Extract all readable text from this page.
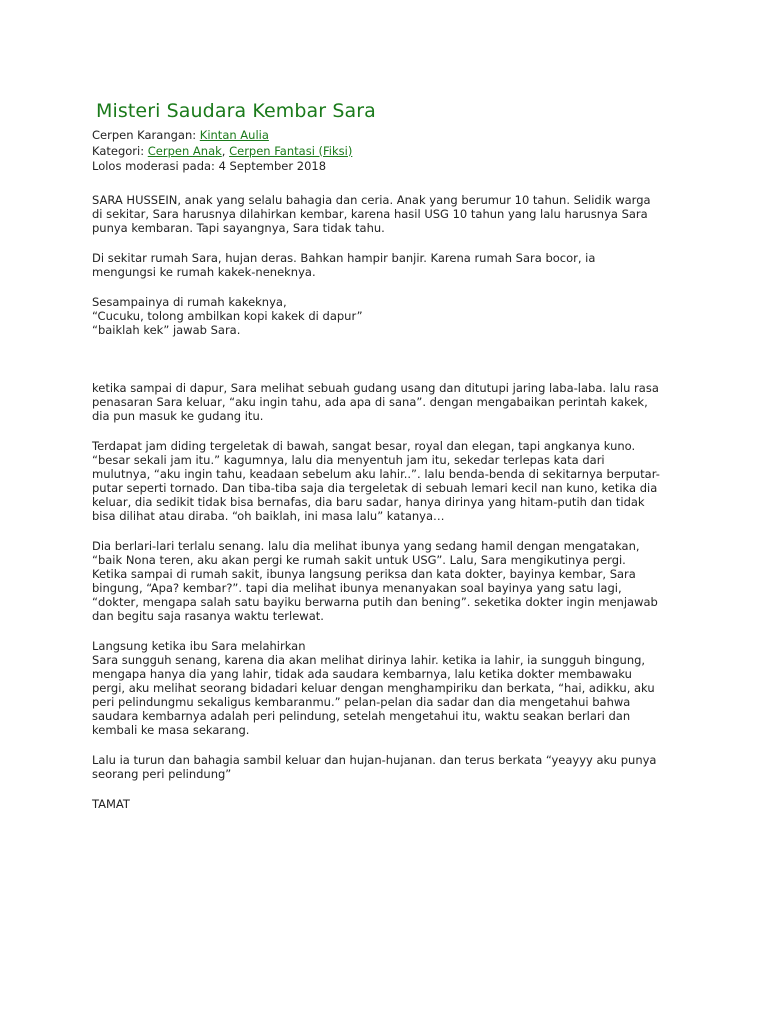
Misteri Saudara Kembar Sara
Cerpen Karangan: Kintan Aulia
Kategori: Cerpen Anak, Cerpen Fantasi (Fiksi)
Lolos moderasi pada: 4 September 2018

SARA HUSSEIN, anak yang selalu bahagia dan ceria. Anak yang berumur 10 tahun. Selidik warga
di sekitar, Sara harusnya dilahirkan kembar, karena hasil USG 10 tahun yang lalu harusnya Sara
punya kembaran. Tapi sayangnya, Sara tidak tahu.

Di sekitar rumah Sara, hujan deras. Bahkan hampir banjir. Karena rumah Sara bocor, ia
mengungsi ke rumah kakek-neneknya.

Sesampainya di rumah kakeknya,
“Cucuku, tolong ambilkan kopi kakek di dapur”
“baiklah kek” jawab Sara.

ketika sampai di dapur, Sara melihat sebuah gudang usang dan ditutupi jaring laba-laba. lalu rasa
penasaran Sara keluar, “aku ingin tahu, ada apa di sana”. dengan mengabaikan perintah kakek,
dia pun masuk ke gudang itu.

Terdapat jam diding tergeletak di bawah, sangat besar, royal dan elegan, tapi angkanya kuno.
“besar sekali jam itu.” kagumnya, lalu dia menyentuh jam itu, sekedar terlepas kata dari
mulutnya, “aku ingin tahu, keadaan sebelum aku lahir..”. lalu benda-benda di sekitarnya berputar-
putar seperti tornado. Dan tiba-tiba saja dia tergeletak di sebuah lemari kecil nan kuno, ketika dia
keluar, dia sedikit tidak bisa bernafas, dia baru sadar, hanya dirinya yang hitam-putih dan tidak
bisa dilihat atau diraba. “oh baiklah, ini masa lalu” katanya…

Dia berlari-lari terlalu senang. lalu dia melihat ibunya yang sedang hamil dengan mengatakan,
“baik Nona teren, aku akan pergi ke rumah sakit untuk USG”. Lalu, Sara mengikutinya pergi.
Ketika sampai di rumah sakit, ibunya langsung periksa dan kata dokter, bayinya kembar, Sara
bingung, “Apa? kembar?”. tapi dia melihat ibunya menanyakan soal bayinya yang satu lagi,
“dokter, mengapa salah satu bayiku berwarna putih dan bening”. seketika dokter ingin menjawab
dan begitu saja rasanya waktu terlewat.

Langsung ketika ibu Sara melahirkan
Sara sungguh senang, karena dia akan melihat dirinya lahir. ketika ia lahir, ia sungguh bingung,
mengapa hanya dia yang lahir, tidak ada saudara kembarnya, lalu ketika dokter membawaku
pergi, aku melihat seorang bidadari keluar dengan menghampiriku dan berkata, “hai, adikku, aku
peri pelindungmu sekaligus kembaranmu.” pelan-pelan dia sadar dan dia mengetahui bahwa
saudara kembarnya adalah peri pelindung, setelah mengetahui itu, waktu seakan berlari dan
kembali ke masa sekarang.

Lalu ia turun dan bahagia sambil keluar dan hujan-hujanan. dan terus berkata “yeayyy aku punya
seorang peri pelindung”

TAMAT
